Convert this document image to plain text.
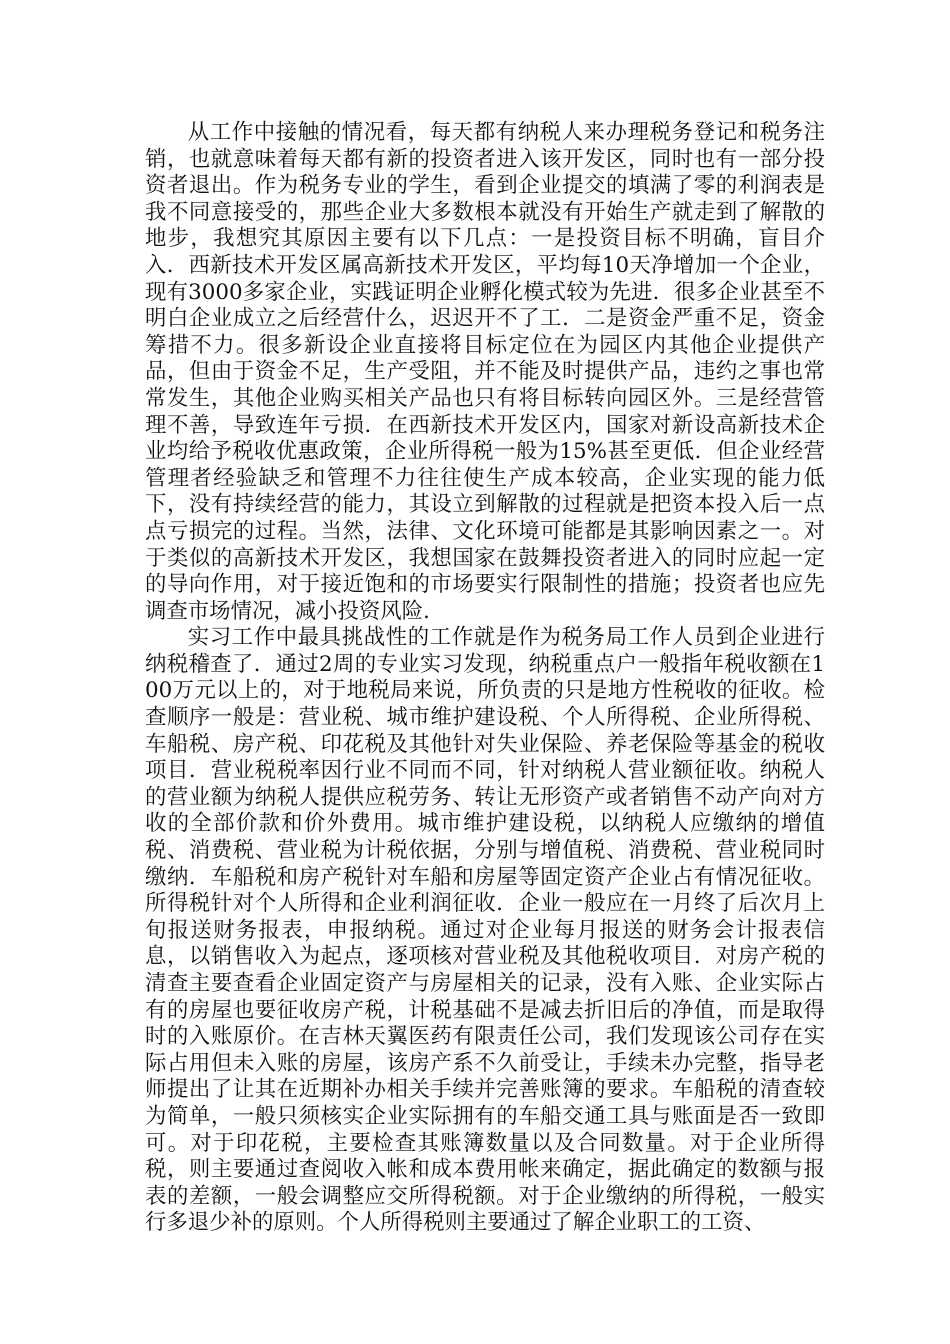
从工作中接触的情况看，每天都有纳税人来办理税务登记和税务注销，也就意味着每天都有新的投资者进入该开发区，同时也有一部分投资者退出。作为税务专业的学生，看到企业提交的填满了零的利润表是我不同意接受的，那些企业大多数根本就没有开始生产就走到了解散的地步，我想究其原因主要有以下几点：一是投资目标不明确，盲目介入．西新技术开发区属高新技术开发区，平均每10天净增加一个企业，现有3000多家企业，实践证明企业孵化模式较为先进．很多企业甚至不明白企业成立之后经营什么，迟迟开不了工．二是资金严重不足，资金筹措不力。很多新设企业直接将目标定位在为园区内其他企业提供产品，但由于资金不足，生产受阻，并不能及时提供产品，违约之事也常常发生，其他企业购买相关产品也只有将目标转向园区外。三是经营管理不善，导致连年亏损．在西新技术开发区内，国家对新设高新技术企业均给予税收优惠政策，企业所得税一般为15%甚至更低．但企业经营管理者经验缺乏和管理不力往往使生产成本较高，企业实现的能力低下，没有持续经营的能力，其设立到解散的过程就是把资本投入后一点点亏损完的过程。当然，法律、文化环境可能都是其影响因素之一。对于类似的高新技术开发区，我想国家在鼓舞投资者进入的同时应起一定的导向作用，对于接近饱和的市场要实行限制性的措施；投资者也应先调查市场情况，减小投资风险．

实习工作中最具挑战性的工作就是作为税务局工作人员到企业进行纳税稽查了．通过2周的专业实习发现，纳税重点户一般指年税收额在100万元以上的，对于地税局来说，所负责的只是地方性税收的征收。检查顺序一般是：营业税、城市维护建设税、个人所得税、企业所得税、车船税、房产税、印花税及其他针对失业保险、养老保险等基金的税收项目．营业税税率因行业不同而不同，针对纳税人营业额征收。纳税人的营业额为纳税人提供应税劳务、转让无形资产或者销售不动产向对方收的全部价款和价外费用。城市维护建设税，以纳税人应缴纳的增值税、消费税、营业税为计税依据，分别与增值税、消费税、营业税同时缴纳．车船税和房产税针对车船和房屋等固定资产企业占有情况征收。所得税针对个人所得和企业利润征收．企业一般应在一月终了后次月上旬报送财务报表，申报纳税。通过对企业每月报送的财务会计报表信息，以销售收入为起点，逐项核对营业税及其他税收项目．对房产税的清查主要查看企业固定资产与房屋相关的记录，没有入账、企业实际占有的房屋也要征收房产税，计税基础不是减去折旧后的净值，而是取得时的入账原价。在吉林天翼医药有限责任公司，我们发现该公司存在实际占用但未入账的房屋，该房产系不久前受让，手续未办完整，指导老师提出了让其在近期补办相关手续并完善账簿的要求。车船税的清查较为简单，一般只须核实企业实际拥有的车船交通工具与账面是否一致即可。对于印花税，主要检查其账簿数量以及合同数量。对于企业所得税，则主要通过查阅收入帐和成本费用帐来确定，据此确定的数额与报表的差额，一般会调整应交所得税额。对于企业缴纳的所得税，一般实行多退少补的原则。个人所得税则主要通过了解企业职工的工资、
